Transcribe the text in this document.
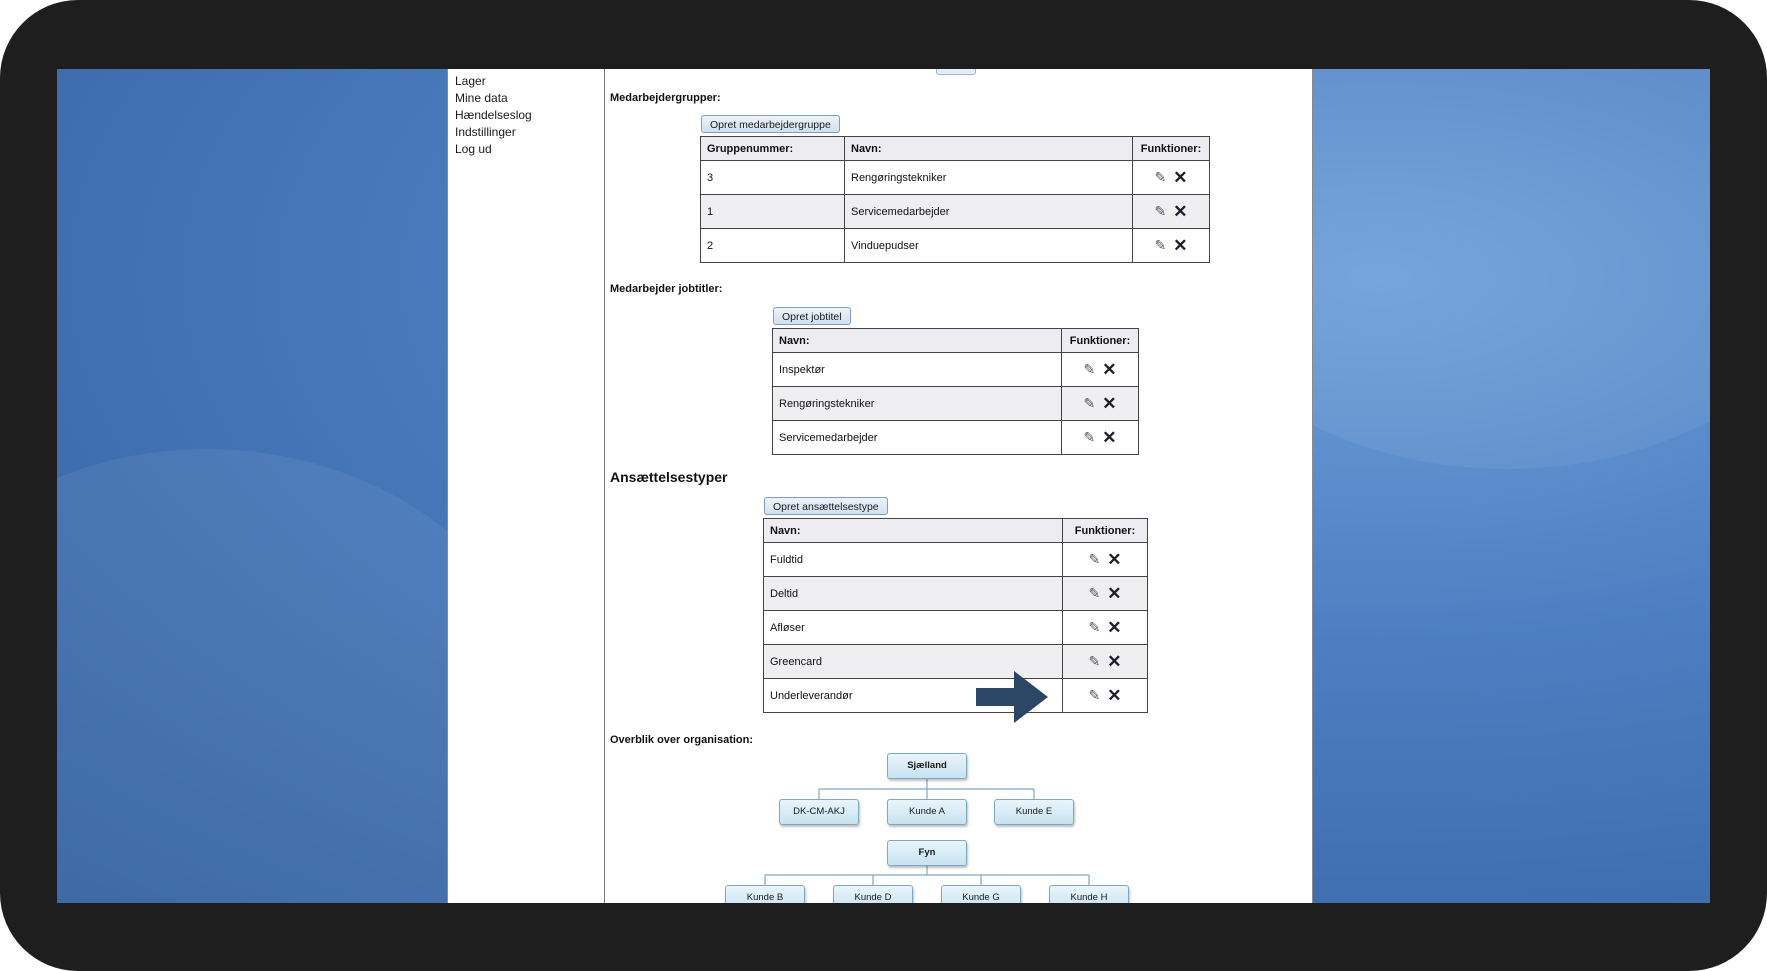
Lager
Mine data
Hændelseslog
Indstillinger
Log ud
Medarbejdergrupper:
Opret medarbejdergruppe
Gruppenummer:	Navn:	Funktioner:
3	Rengøringstekniker	✎ ✕
1	Servicemedarbejder	✎ ✕
2	Vinduepudser	✎ ✕
Medarbejder jobtitler:
Opret jobtitel
Navn:	Funktioner:
Inspektør	✎ ✕
Rengøringstekniker	✎ ✕
Servicemedarbejder	✎ ✕
Ansættelsestyper
Opret ansættelsestype
Navn:	Funktioner:
Fuldtid	✎ ✕
Deltid	✎ ✕
Afløser	✎ ✕
Greencard	✎ ✕
Underleverandør	✎ ✕
Overblik over organisation:
Sjælland
DK-CM-AKJ	Kunde A	Kunde E
Fyn
Kunde B	Kunde D	Kunde G	Kunde H
